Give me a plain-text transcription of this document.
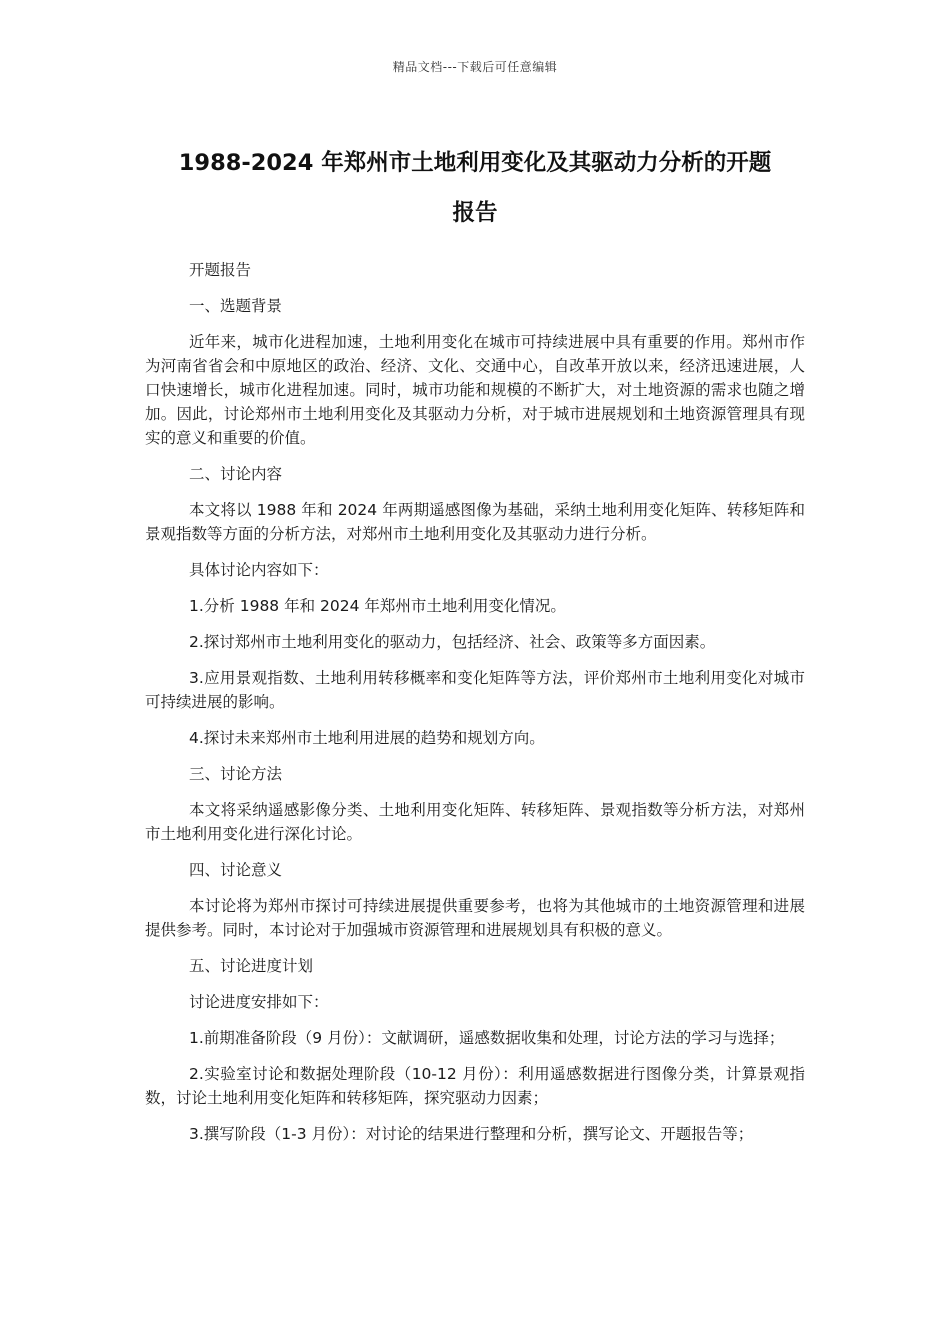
精品文档---下载后可任意编辑
1988-2024 年郑州市土地利用变化及其驱动力分析的开题
报告

开题报告

一、选题背景

近年来，城市化进程加速，土地利用变化在城市可持续进展中具有重要的作用。郑州市作为河南省省会和中原地区的政治、经济、文化、交通中心，自改革开放以来，经济迅速进展，人口快速增长，城市化进程加速。同时，城市功能和规模的不断扩大，对土地资源的需求也随之增加。因此，讨论郑州市土地利用变化及其驱动力分析，对于城市进展规划和土地资源管理具有现实的意义和重要的价值。

二、讨论内容

本文将以 1988 年和 2024 年两期遥感图像为基础，采纳土地利用变化矩阵、转移矩阵和景观指数等方面的分析方法，对郑州市土地利用变化及其驱动力进行分析。

具体讨论内容如下：

1.分析 1988 年和 2024 年郑州市土地利用变化情况。

2.探讨郑州市土地利用变化的驱动力，包括经济、社会、政策等多方面因素。

3.应用景观指数、土地利用转移概率和变化矩阵等方法，评价郑州市土地利用变化对城市可持续进展的影响。

4.探讨未来郑州市土地利用进展的趋势和规划方向。

三、讨论方法

本文将采纳遥感影像分类、土地利用变化矩阵、转移矩阵、景观指数等分析方法，对郑州市土地利用变化进行深化讨论。

四、讨论意义

本讨论将为郑州市探讨可持续进展提供重要参考，也将为其他城市的土地资源管理和进展提供参考。同时，本讨论对于加强城市资源管理和进展规划具有积极的意义。

五、讨论进度计划

讨论进度安排如下：

1.前期准备阶段（9 月份）：文献调研，遥感数据收集和处理，讨论方法的学习与选择；

2.实验室讨论和数据处理阶段（10-12 月份）：利用遥感数据进行图像分类，计算景观指数，讨论土地利用变化矩阵和转移矩阵，探究驱动力因素；

3.撰写阶段（1-3 月份）：对讨论的结果进行整理和分析，撰写论文、开题报告等；
